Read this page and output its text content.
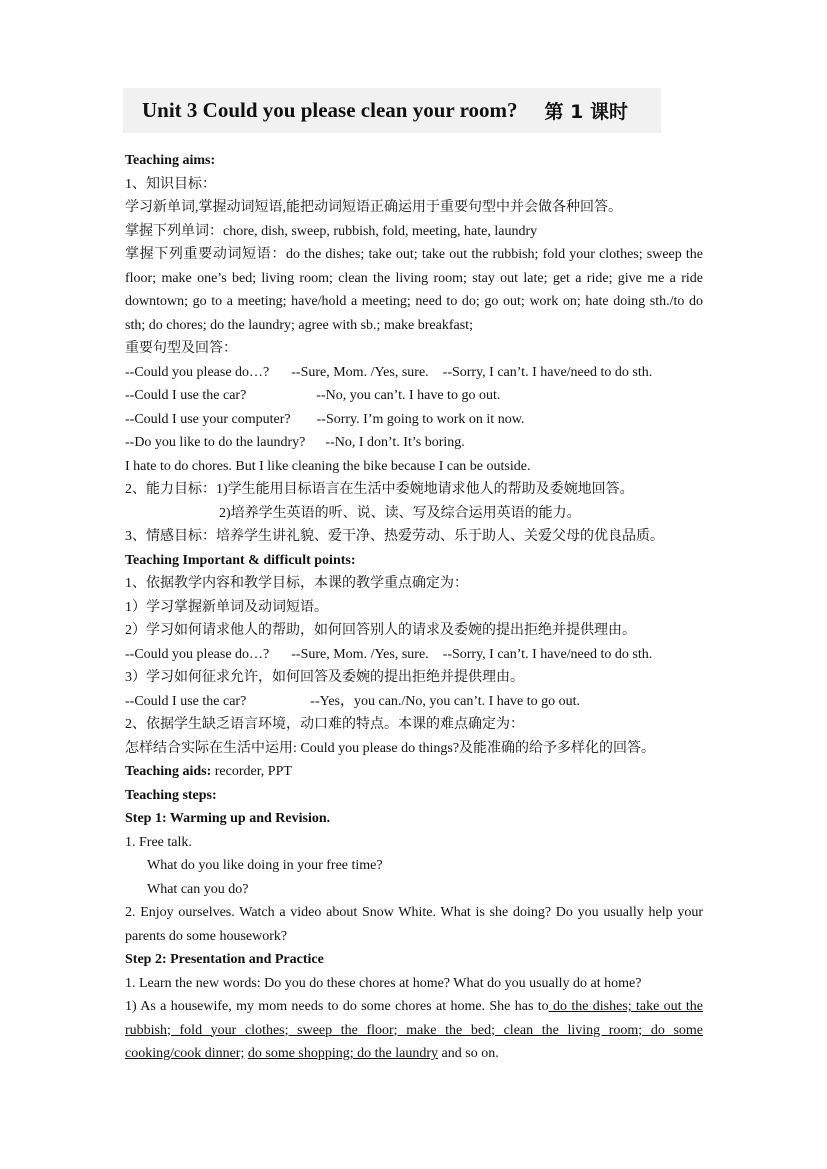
Unit 3 Could you please clean your room? 第 1 课时
Teaching aims:
1、知识目标：
学习新单词,掌握动词短语,能把动词短语正确运用于重要句型中并会做各种回答。
掌握下列单词：chore, dish, sweep, rubbish, fold, meeting, hate, laundry
掌握下列重要动词短语：do the dishes; take out; take out the rubbish; fold your clothes; sweep the floor; make one’s bed; living room; clean the living room; stay out late; get a ride; give me a ride downtown; go to a meeting; have/hold a meeting; need to do; go out; work on; hate doing sth./to do sth; do chores; do the laundry; agree with sb.; make breakfast;
重要句型及回答：
--Could you please do…? --Sure, Mom. /Yes, sure.    --Sorry, I can’t. I have/need to do sth.
--Could I use the car?	--No, you can’t. I have to go out.
--Could I use your computer? --Sorry. I’m going to work on it now.
--Do you like to do the laundry? --No, I don’t. It’s boring.
I hate to do chores. But I like cleaning the bike because I can be outside.
2、能力目标：1)学生能用目标语言在生活中委婉地请求他人的帮助及委婉地回答。
2)培养学生英语的听、说、读、写及综合运用英语的能力。
3、情感目标：培养学生讲礼貌、爱干净、热爱劳动、乐于助人、关爱父母的优良品质。
Teaching Important & difficult points:
1、依据教学内容和教学目标，本课的教学重点确定为：
1）学习掌握新单词及动词短语。
2）学习如何请求他人的帮助，如何回答别人的请求及委婉的提出拒绝并提供理由。
--Could you please do…? --Sure, Mom. /Yes, sure.    --Sorry, I can’t. I have/need to do sth.
3）学习如何征求允许，如何回答及委婉的提出拒绝并提供理由。
--Could I use the car?	--Yes，you can./No, you can’t. I have to go out.
2、依据学生缺乏语言环境，动口难的特点。本课的难点确定为：
怎样结合实际在生活中运用: Could you please do things?及能准确的给予多样化的回答。
Teaching aids: recorder, PPT
Teaching steps:
Step 1: Warming up and Revision.
1. Free talk.
What do you like doing in your free time?
What can you do?
2. Enjoy ourselves. Watch a video about Snow White. What is she doing? Do you usually help your parents do some housework?
Step 2: Presentation and Practice
1. Learn the new words: Do you do these chores at home? What do you usually do at home?
1) As a housewife, my mom needs to do some chores at home. She has to do the dishes; take out the rubbish; fold your clothes; sweep the floor; make the bed; clean the living room; do some cooking/cook dinner; do some shopping; do the laundry and so on.
